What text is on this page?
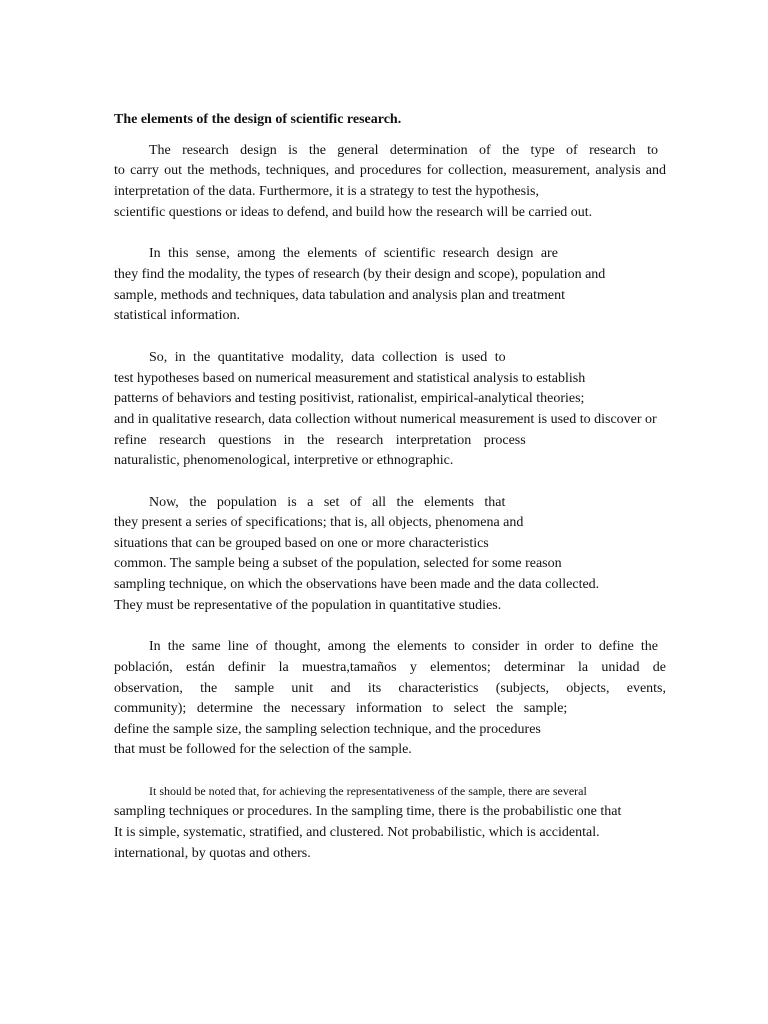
The elements of the design of scientific research.
The research design is the general determination of the type of research to
to carry out the methods, techniques, and procedures for collection, measurement, analysis and
interpretation of the data. Furthermore, it is a strategy to test the hypothesis,
scientific questions or ideas to defend, and build how the research will be carried out.
In this sense, among the elements of scientific research design are
they find the modality, the types of research (by their design and scope), population and
sample, methods and techniques, data tabulation and analysis plan and treatment
statistical information.
So, in the quantitative modality, data collection is used to
test hypotheses based on numerical measurement and statistical analysis to establish
patterns of behaviors and testing positivist, rationalist, empirical-analytical theories;
and in qualitative research, data collection without numerical measurement is used to discover or
refine research questions in the research interpretation process
naturalistic, phenomenological, interpretive or ethnographic.
Now, the population is a set of all the elements that
they present a series of specifications; that is, all objects, phenomena and
situations that can be grouped based on one or more characteristics
common. The sample being a subset of the population, selected for some reason
sampling technique, on which the observations have been made and the data collected.
They must be representative of the population in quantitative studies.
In the same line of thought, among the elements to consider in order to define the
población, están definir la muestra,tamaños y elementos; determinar la unidad de
observation, the sample unit and its characteristics (subjects, objects, events,
community); determine the necessary information to select the sample;
define the sample size, the sampling selection technique, and the procedures
that must be followed for the selection of the sample.
It should be noted that, for achieving the representativeness of the sample, there are several
sampling techniques or procedures. In the sampling time, there is the probabilistic one that
It is simple, systematic, stratified, and clustered. Not probabilistic, which is accidental.
international, by quotas and others.
